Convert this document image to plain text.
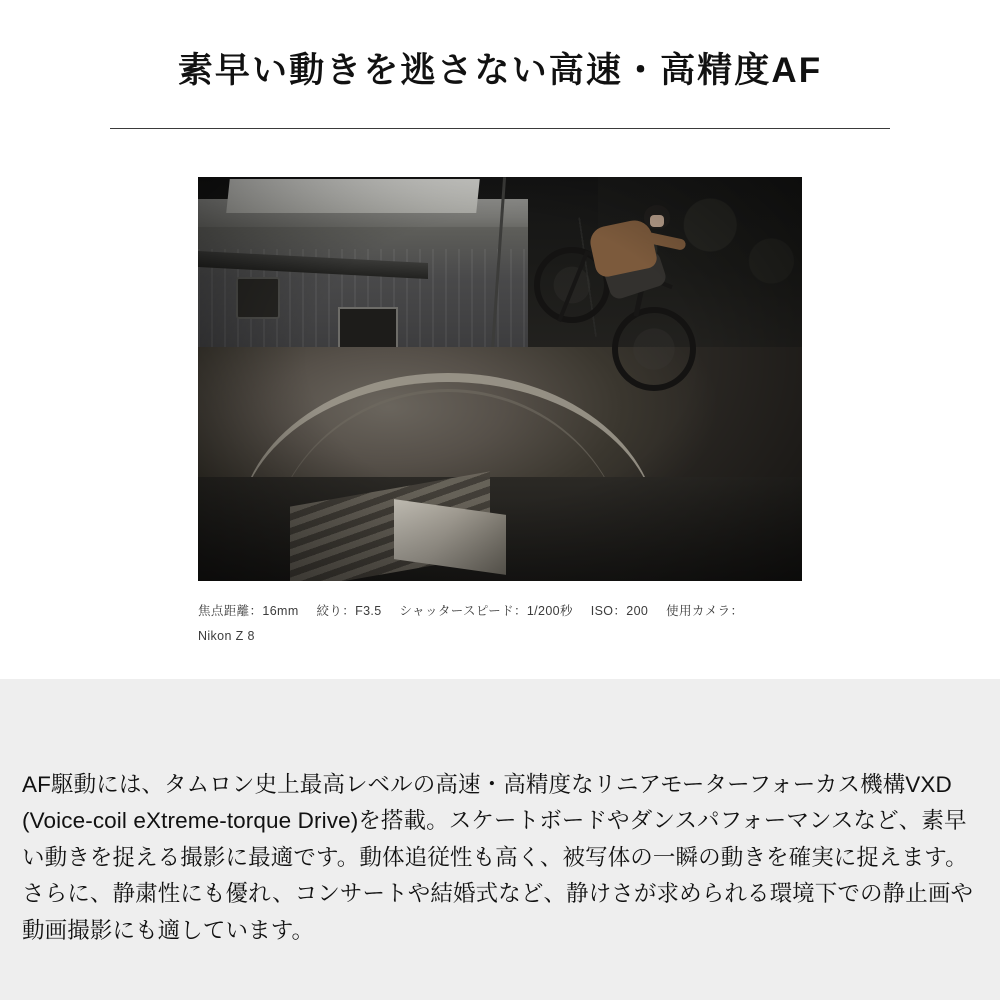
素早い動きを逃さない高速・高精度AF
焦点距離：16mm 絞り：F3.5 シャッタースピード：1/200秒 ISO：200 使用カメラ：
Nikon Z 8

AF駆動には、タムロン史上最高レベルの高速・高精度なリニアモーターフォーカス機構VXD (Voice-coil eXtreme-torque Drive)を搭載。スケートボードやダンスパフォーマンスなど、素早い動きを捉える撮影に最適です。動体追従性も高く、被写体の一瞬の動きを確実に捉えます。さらに、静粛性にも優れ、コンサートや結婚式など、静けさが求められる環境下での静止画や動画撮影にも適しています。
